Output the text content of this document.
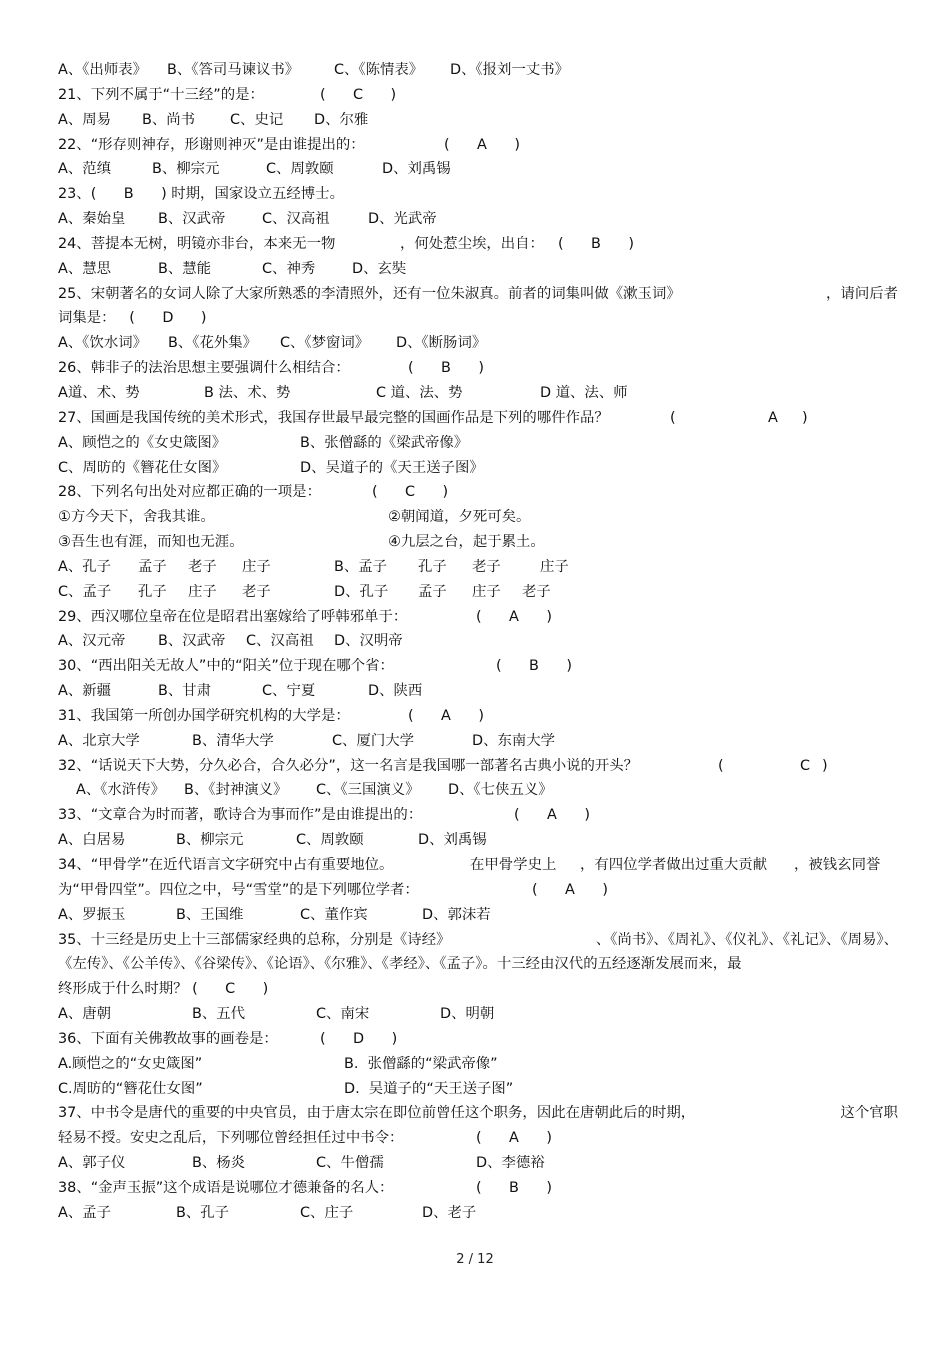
A、《出师表》 B、《答司马谏议书》 C、《陈情表》 D、《报刘一丈书》
21、下列不属于“十三经”的是：	(      C      )
A、周易 B、尚书 C、史记 D、尔雅
22、“形存则神存，形谢则神灭”是由谁提出的：	(      A      )
A、范缜	B、柳宗元	C、周敦颐	D、刘禹锡
23、(      B      ) 时期，国家设立五经博士。
A、秦始皇 B、汉武帝	C、汉高祖	D、光武帝
24、菩提本无树，明镜亦非台，本来无一物	，何处惹尘埃，出自： (      B      )
A、慧思	B、慧能	C、神秀	D、玄奘
25、宋朝著名的女词人除了大家所熟悉的李清照外，还有一位朱淑真。前者的词集叫做《漱玉词》	，请问后者
词集是：   (      D      )
A、《饮水词》 B、《花外集》 C、《梦窗词》 D、《断肠词》
26、韩非子的法治思想主要强调什么相结合：	(      B      )
A道、术、势	B 法、术、势	C 道、法、势	D 道、法、师
27、国画是我国传统的美术形式，我国存世最早最完整的国画作品是下列的哪件作品？	(	A )
A、顾恺之的《女史箴图》	B、张僧繇的《梁武帝像》
C、周昉的《簪花仕女图》	D、吴道子的《天王送子图》
28、下列名句出处对应都正确的一项是：	(      C      )
①方今天下，舍我其谁。	②朝闻道，夕死可矣。
③吾生也有涯，而知也无涯。	④九层之台，起于累土。
A、孔子 孟子 老子 庄子	B、孟子 孔子 老子	庄子
C、孟子 孔子 庄子 老子	D、孔子 孟子 庄子 老子
29、西汉哪位皇帝在位是昭君出塞嫁给了呼韩邪单于：	(      A      )
A、汉元帝 B、汉武帝 C、汉高祖 D、汉明帝
30、“西出阳关无故人”中的“阳关”位于现在哪个省：	(      B      )
A、新疆	B、甘肃	C、宁夏	D、陕西
31、我国第一所创办国学研究机构的大学是：	(      A      )
A、北京大学	B、清华大学	C、厦门大学	D、东南大学
32、“话说天下大势，分久必合，合久必分”，这一名言是我国哪一部著名古典小说的开头？	(	C )
A、《水浒传》 B、《封神演义》 C、《三国演义》 D、《七侠五义》
33、“文章合为时而著，歌诗合为事而作”是由谁提出的：	(      A      )
A、白居易	B、柳宗元	C、周敦颐	D、刘禹锡
34、“甲骨学”在近代语言文字研究中占有重要地位。	在甲骨学史上 ，有四位学者做出过重大贡献 ，被钱玄同誉
为“甲骨四堂”。四位之中，号“雪堂”的是下列哪位学者：	(      A      )
A、罗振玉	B、王国维	C、董作宾	D、郭沫若
35、十三经是历史上十三部儒家经典的总称，分别是《诗经》	、《尚书》、《周礼》、《仪礼》、《礼记》、《周易》、
《左传》、《公羊传》、《谷梁传》、《论语》、《尔雅》、《孝经》、《孟子》。十三经由汉代的五经逐渐发展而来，最
终形成于什么时期？ (      C      )
A、唐朝	B、五代	C、南宋	D、明朝
36、下面有关佛教故事的画卷是：	(      D      )
A.顾恺之的“女史箴图”	B.  张僧繇的“梁武帝像”
C.周昉的“簪花仕女图”	D.  吴道子的“天王送子图”
37、中书令是唐代的重要的中央官员，由于唐太宗在即位前曾任这个职务，因此在唐朝此后的时期，	这个官职
轻易不授。安史之乱后，下列哪位曾经担任过中书令：	(      A      )
A、郭子仪	B、杨炎	C、牛僧孺	D、李德裕
38、“金声玉振”这个成语是说哪位才德兼备的名人：	(      B      )
A、孟子	B、孔子	C、庄子	D、老子
2 / 12
